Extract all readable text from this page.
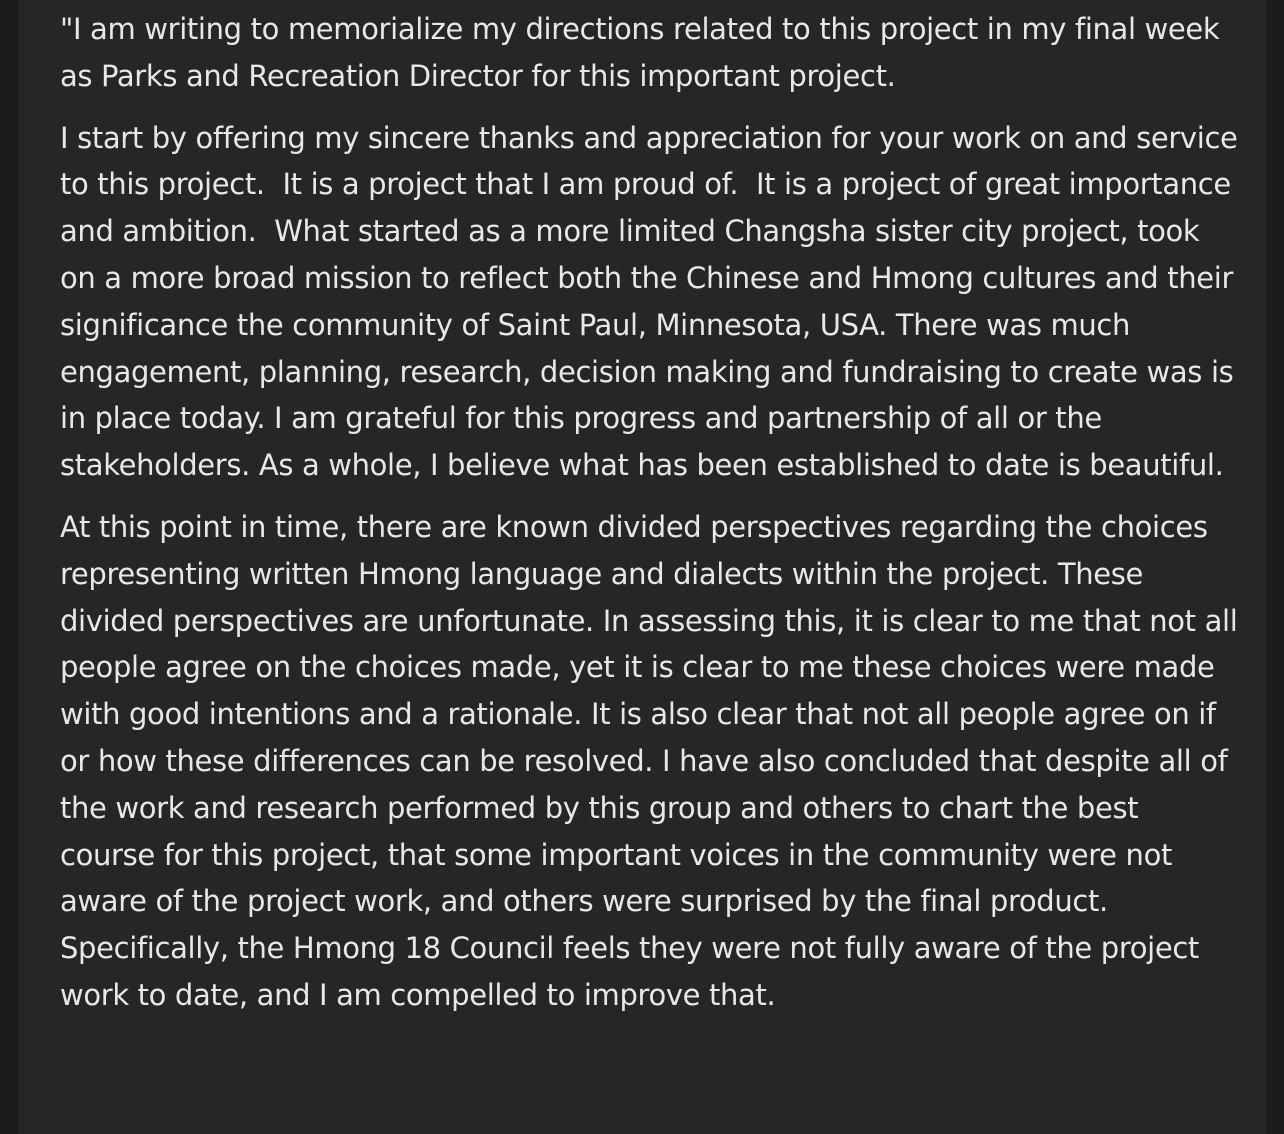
"I am writing to memorialize my directions related to this project in my final week as Parks and Recreation Director for this important project.

I start by offering my sincere thanks and appreciation for your work on and service to this project.  It is a project that I am proud of.  It is a project of great importance and ambition.  What started as a more limited Changsha sister city project, took on a more broad mission to reflect both the Chinese and Hmong cultures and their significance the community of Saint Paul, Minnesota, USA. There was much engagement, planning, research, decision making and fundraising to create was is in place today. I am grateful for this progress and partnership of all or the stakeholders. As a whole, I believe what has been established to date is beautiful.

At this point in time, there are known divided perspectives regarding the choices representing written Hmong language and dialects within the project. These divided perspectives are unfortunate. In assessing this, it is clear to me that not all people agree on the choices made, yet it is clear to me these choices were made with good intentions and a rationale. It is also clear that not all people agree on if or how these differences can be resolved. I have also concluded that despite all of the work and research performed by this group and others to chart the best course for this project, that some important voices in the community were not aware of the project work, and others were surprised by the final product. Specifically, the Hmong 18 Council feels they were not fully aware of the project work to date, and I am compelled to improve that.
